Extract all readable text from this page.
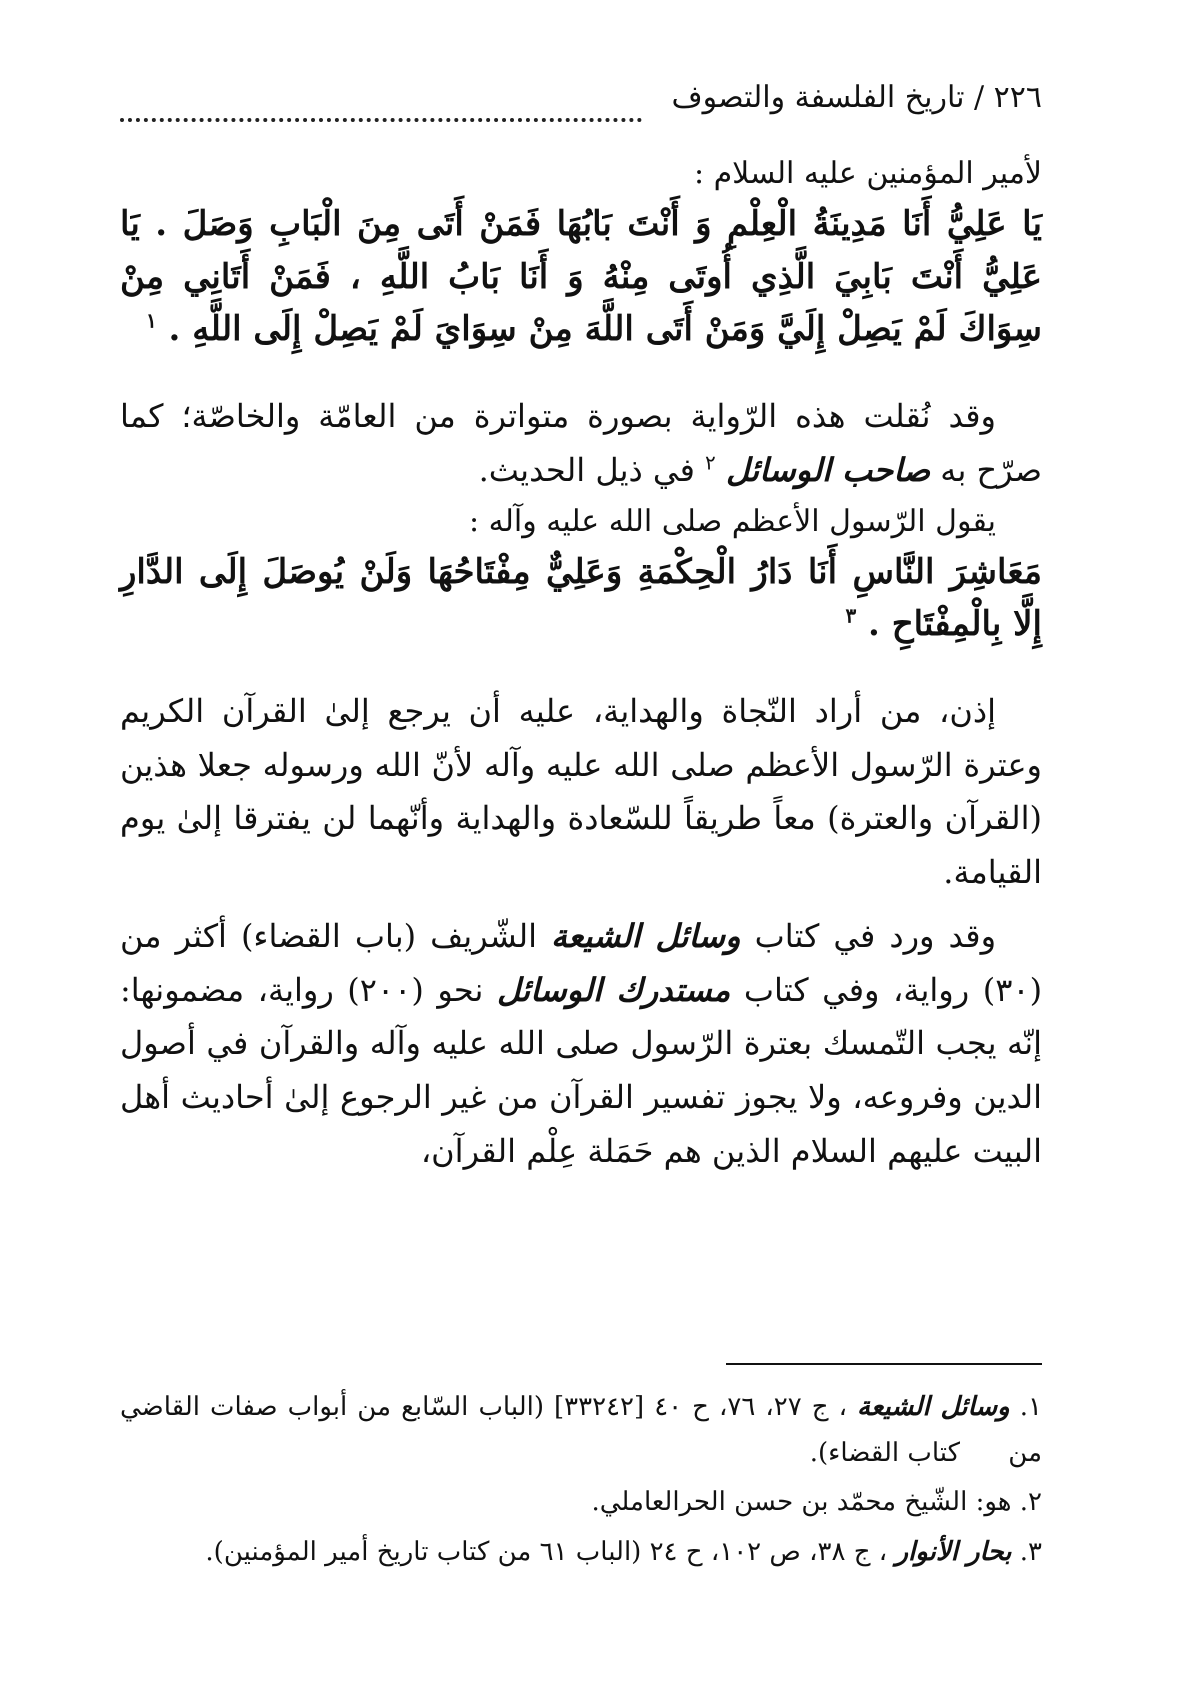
٢٢٦ / تاريخ الفلسفة والتصوف

لأمير المؤمنين عليه السلام :

يَا عَلِيُّ أَنَا مَدِينَةُ الْعِلْمِ وَ أَنْتَ بَابُهَا فَمَنْ أَتَى مِنَ الْبَابِ وَصَلَ . يَا عَلِيُّ أَنْتَ بَابِيَ الَّذِي أُوتَى مِنْهُ وَ أَنَا بَابُ اللَّهِ ، فَمَنْ أَتَانِي مِنْ سِوَاكَ لَمْ يَصِلْ إِلَيَّ وَمَنْ أَتَى اللَّهَ مِنْ سِوَايَ لَمْ يَصِلْ إِلَى اللَّهِ . $^١$

وقد نُقلت هذه الرّواية بصورة متواترة من العامّة والخاصّة؛ كما صرّح به صاحب الوسائل $^٢$ في ذيل الحديث.

يقول الرّسول الأعظم صلى الله عليه وآله :

مَعَاشِرَ النَّاسِ أَنَا دَارُ الْحِكْمَةِ وَعَلِيٌّ مِفْتَاحُهَا وَلَنْ يُوصَلَ إِلَى الدَّارِ إِلَّا بِالْمِفْتَاحِ . $^٣$

إذن، من أراد النّجاة والهداية، عليه أن يرجع إلىٰ القرآن الكريم وعترة الرّسول الأعظم صلى الله عليه وآله لأنّ الله ورسوله جعلا هذين (القرآن والعترة) معاً طريقاً للسّعادة والهداية وأنّهما لن يفترقا إلىٰ يوم القيامة.

وقد ورد في كتاب وسائل الشيعة الشّريف (باب القضاء) أكثر من (٣٠) رواية، وفي كتاب مستدرك الوسائل نحو (٢٠٠) رواية، مضمونها: إنّه يجب التّمسك بعترة الرّسول صلى الله عليه وآله والقرآن في أصول الدين وفروعه، ولا يجوز تفسير القرآن من غير الرجوع إلىٰ أحاديث أهل البيت عليهم السلام الذين هم حَمَلة عِلْم القرآن،

١. وسائل الشيعة ، ج ٢٧، ٧٦، ح ٤٠ [٣٣٢٤٢] (الباب السّابع من أبواب صفات القاضي من كتاب القضاء).

٢. هو: الشّيخ محمّد بن حسن الحرالعاملي.

٣. بحار الأنوار ، ج ٣٨، ص ١٠٢، ح ٢٤ (الباب ٦١ من كتاب تاريخ أمير المؤمنين).
